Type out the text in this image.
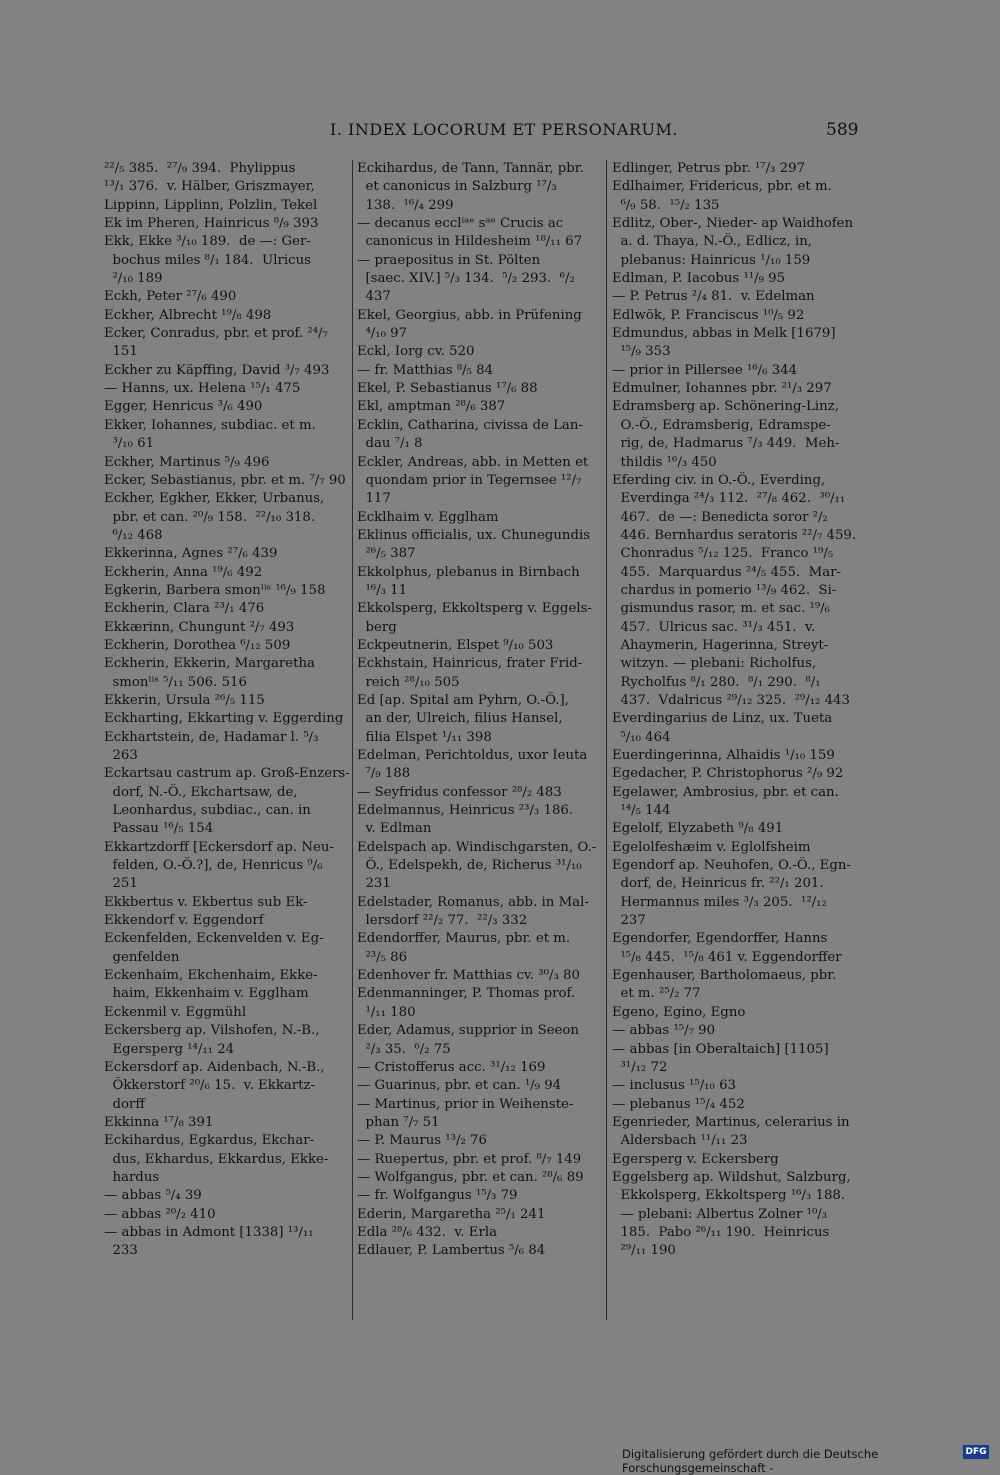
I. INDEX LOCORUM ET PERSONARUM.	589
²²/₅ 385.  ²⁷/₉ 394.  Phylippus
¹³/₁ 376.  v. Hälber, Griszmayer,
Lippinn, Lipplinn, Polzlin, Tekel
Ek im Pheren, Hainricus ⁸/₉ 393
Ekk, Ekke ³/₁₀ 189.  de —: Ger-
bochus miles ⁸/₁ 184.  Ulricus
²/₁₀ 189
Eckh, Peter ²⁷/₆ 490
Eckher, Albrecht ¹⁹/₈ 498
Ecker, Conradus, pbr. et prof. ²⁴/₇
151
Eckher zu Käpffing, David ³/₇ 493
— Hanns, ux. Helena ¹⁵/₁ 475
Egger, Henricus ³/₆ 490
Ekker, Iohannes, subdiac. et m.
³/₁₀ 61
Eckher, Martinus ⁵/₉ 496
Ecker, Sebastianus, pbr. et m. ⁷/₇ 90
Eckher, Egkher, Ekker, Urbanus,
pbr. et can. ²⁰/₉ 158.  ²²/₁₀ 318.
⁶/₁₂ 468
Ekkerinna, Agnes ²⁷/₆ 439
Eckherin, Anna ¹⁹/₆ 492
Egkerin, Barbera smonˡⁱˢ ¹⁶/₉ 158
Eckherin, Clara ²³/₁ 476
Ekkærinn, Chungunt ²/₇ 493
Eckherin, Dorothea ⁶/₁₂ 509
Eckherin, Ekkerin, Margaretha
smonˡⁱˢ ⁵/₁₁ 506. 516
Ekkerin, Ursula ²⁶/₅ 115
Eckharting, Ekkarting v. Eggerding
Eckhartstein, de, Hadamar l. ⁵/₃
263
Eckartsau castrum ap. Groß-Enzers-
dorf, N.-Ö., Ekchartsaw, de,
Leonhardus, subdiac., can. in
Passau ¹⁶/₅ 154
Ekkartzdorff [Eckersdorf ap. Neu-
felden, O.-Ö.?], de, Henricus ⁹/₆
251
Ekkbertus v. Ekbertus sub Ek-
Ekkendorf v. Eggendorf
Eckenfelden, Eckenvelden v. Eg-
genfelden
Eckenhaim, Ekchenhaim, Ekke-
haim, Ekkenhaim v. Egglham
Eckenmil v. Eggmühl
Eckersberg ap. Vilshofen, N.-B.,
Egersperg ¹⁴/₁₁ 24
Eckersdorf ap. Aidenbach, N.-B.,
Ökkerstorf ²⁰/₆ 15.  v. Ekkartz-
dorff
Ekkinna ¹⁷/₈ 391
Eckihardus, Egkardus, Ekchar-
dus, Ekhardus, Ekkardus, Ekke-
hardus
— abbas ⁵/₄ 39
— abbas ²⁰/₂ 410
— abbas in Admont [1338] ¹³/₁₁
233
Eckihardus, de Tann, Tannär, pbr.
et canonicus in Salzburg ¹⁷/₃
138.  ¹⁶/₄ 299
— decanus ecclⁱᵃᵉ sᵃᵉ Crucis ac
canonicus in Hildesheim ¹⁸/₁₁ 67
— praepositus in St. Pölten
[saec. XIV.] ⁵/₃ 134.  ⁵/₂ 293.  ⁶/₂
437
Ekel, Georgius, abb. in Prüfening
⁴/₁₀ 97
Eckl, Iorg cv. 520
— fr. Matthias ⁸/₅ 84
Ekel, P. Sebastianus ¹⁷/₆ 88
Ekl, amptman ²⁸/₆ 387
Ecklin, Catharina, civissa de Lan-
dau ⁷/₁ 8
Eckler, Andreas, abb. in Metten et
quondam prior in Tegernsee ¹²/₇
117
Ecklhaim v. Egglham
Eklinus officialis, ux. Chunegundis
²⁶/₅ 387
Ekkolphus, plebanus in Birnbach
¹⁶/₃ 11
Ekkolsperg, Ekkoltsperg v. Eggels-
berg
Eckpeutnerin, Elspet ⁹/₁₀ 503
Eckhstain, Hainricus, frater Frid-
reich ²⁸/₁₀ 505
Ed [ap. Spital am Pyhrn, O.-Ö.],
an der, Ulreich, filius Hansel,
filia Elspet ¹/₁₁ 398
Edelman, Perichtoldus, uxor Ieuta
⁷/₉ 188
— Seyfridus confessor ²⁸/₂ 483
Edelmannus, Heinricus ²³/₃ 186.
v. Edlman
Edelspach ap. Windischgarsten, O.-
Ö., Edelspekh, de, Richerus ³¹/₁₀
231
Edelstader, Romanus, abb. in Mal-
lersdorf ²²/₂ 77.  ²²/₃ 332
Edendorffer, Maurus, pbr. et m.
²³/₅ 86
Edenhover fr. Matthias cv. ³⁰/₃ 80
Edenmanninger, P. Thomas prof.
¹/₁₁ 180
Eder, Adamus, supprior in Seeon
²/₃ 35.  ⁶/₂ 75
— Cristofferus acc. ³¹/₁₂ 169
— Guarinus, pbr. et can. ¹/₉ 94
— Martinus, prior in Weihenste-
phan ⁷/₇ 51
— P. Maurus ¹³/₂ 76
— Ruepertus, pbr. et prof. ⁸/₇ 149
— Wolfgangus, pbr. et can. ²⁸/₆ 89
— fr. Wolfgangus ¹⁵/₃ 79
Ederin, Margaretha ²⁵/₁ 241
Edla ²⁸/₆ 432.  v. Erla
Edlauer, P. Lambertus ⁵/₆ 84
Edlinger, Petrus pbr. ¹⁷/₃ 297
Edlhaimer, Fridericus, pbr. et m.
⁶/₉ 58.  ¹⁵/₂ 135
Edlitz, Ober-, Nieder- ap Waidhofen
a. d. Thaya, N.-Ö., Edlicz, in,
plebanus: Hainricus ¹/₁₀ 159
Edlman, P. Iacobus ¹¹/₉ 95
— P. Petrus ²/₄ 81.  v. Edelman
Edlwök, P. Franciscus ¹⁰/₅ 92
Edmundus, abbas in Melk [1679]
¹⁵/₉ 353
— prior in Pillersee ¹⁶/₆ 344
Edmulner, Iohannes pbr. ²¹/₃ 297
Edramsberg ap. Schönering-Linz,
O.-Ö., Edramsberig, Edramspe-
rig, de, Hadmarus ⁷/₃ 449.  Meh-
thildis ¹⁶/₃ 450
Eferding civ. in O.-Ö., Everding,
Everdinga ²⁴/₃ 112.  ²⁷/₈ 462.  ³⁰/₁₁
467.  de —: Benedicta soror ²/₂
446. Bernhardus seratoris ²²/₇ 459.
Chonradus ⁵/₁₂ 125.  Franco ¹⁹/₅
455.  Marquardus ²⁴/₅ 455.  Mar-
chardus in pomerio ¹³/₉ 462.  Si-
gismundus rasor, m. et sac. ¹⁹/₆
457.  Ulricus sac. ³¹/₃ 451.  v.
Ahaymerin, Hagerinna, Streyt-
witzyn. — plebani: Richolfus,
Rycholfus ⁸/₁ 280.  ⁸/₁ 290.  ⁸/₁
437.  Vdalricus ²⁹/₁₂ 325.  ²⁹/₁₂ 443
Everdingarius de Linz, ux. Tueta
⁵/₁₀ 464
Euerdingerinna, Alhaidis ¹/₁₀ 159
Egedacher, P. Christophorus ²/₉ 92
Egelawer, Ambrosius, pbr. et can.
¹⁴/₅ 144
Egelolf, Elyzabeth ⁹/₈ 491
Egelolfeshæim v. Eglolfsheim
Egendorf ap. Neuhofen, O.-Ö., Egn-
dorf, de, Heinricus fr. ²²/₁ 201.
Hermannus miles ³/₃ 205.  ¹²/₁₂
237
Egendorfer, Egendorffer, Hanns
¹⁵/₈ 445.  ¹⁵/₈ 461 v. Eggendorffer
Egenhauser, Bartholomaeus, pbr.
et m. ²⁵/₂ 77
Egeno, Egino, Egno
— abbas ¹⁵/₇ 90
— abbas [in Oberaltaich] [1105]
³¹/₁₂ 72
— inclusus ¹⁵/₁₀ 63
— plebanus ¹⁵/₄ 452
Egenrieder, Martinus, celerarius in
Aldersbach ¹¹/₁₁ 23
Egersperg v. Eckersberg
Eggelsberg ap. Wildshut, Salzburg,
Ekkolsperg, Ekkoltsperg ¹⁶/₃ 188.
— plebani: Albertus Zolner ¹⁰/₃
185.  Pabo ²⁶/₁₁ 190.  Heinricus
²⁹/₁₁ 190
Digitalisierung gefördert durch die Deutsche Forschungsgemeinschaft -
DFG
